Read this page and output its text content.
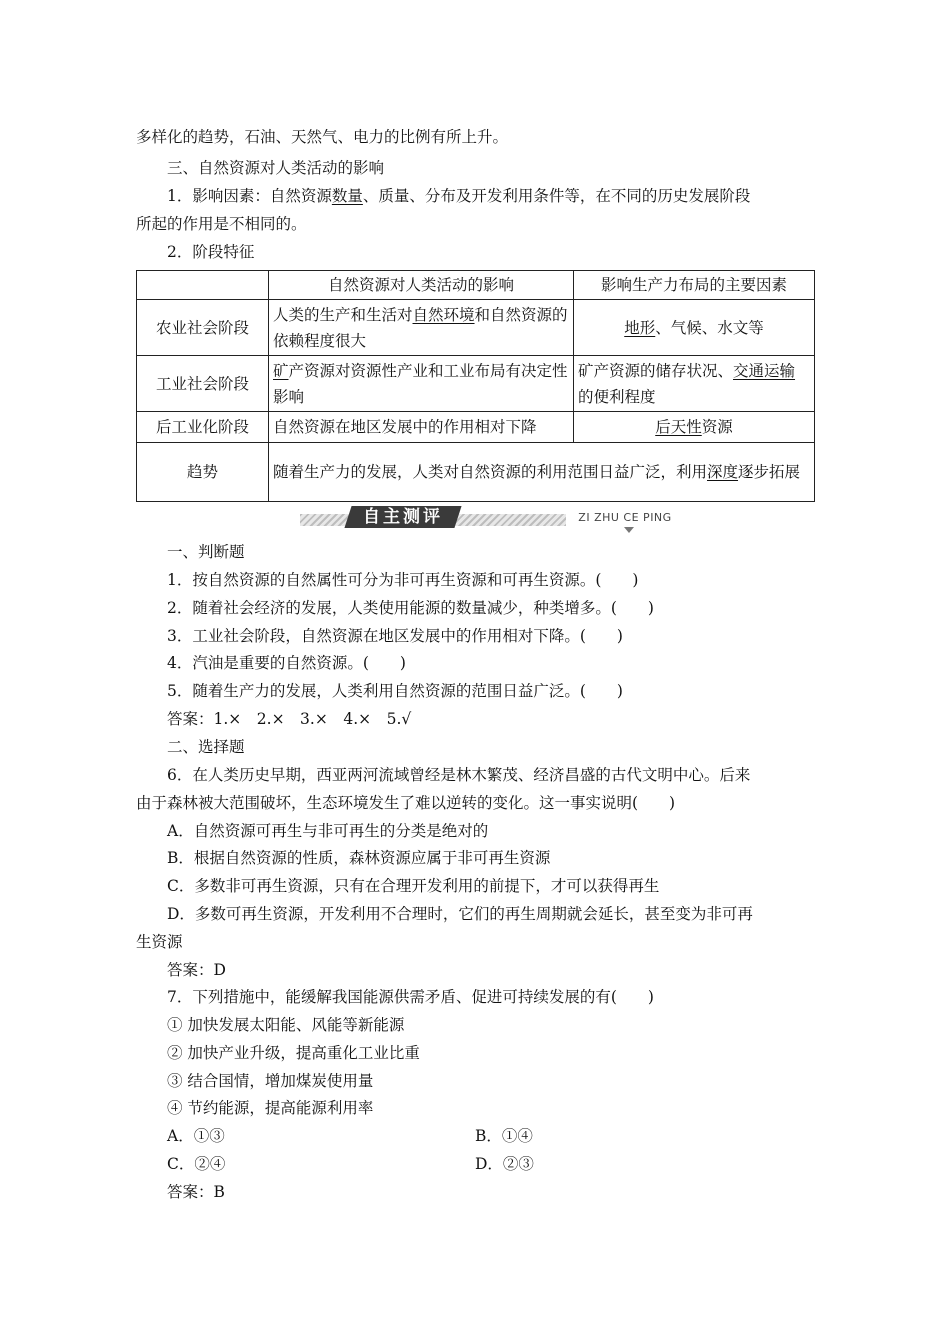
多样化的趋势，石油、天然气、电力的比例有所上升。
三、自然资源对人类活动的影响
1．影响因素：自然资源数量、质量、分布及开发利用条件等，在不同的历史发展阶段
所起的作用是不相同的。
2．阶段特征
	自然资源对人类活动的影响	影响生产力布局的主要因素
农业社会阶段	人类的生产和生活对自然环境和自然资源的依赖程度很大	地形、气候、水文等
工业社会阶段	矿产资源对资源性产业和工业布局有决定性影响	矿产资源的储存状况、交通运输的便利程度
后工业化阶段	自然资源在地区发展中的作用相对下降	后天性资源
趋势	随着生产力的发展，人类对自然资源的利用范围日益广泛，利用深度逐步拓展	
自主测评	ZI ZHU CE PING
一、判断题
1．按自然资源的自然属性可分为非可再生资源和可再生资源。(　　)
2．随着社会经济的发展，人类使用能源的数量减少，种类增多。(　　)
3．工业社会阶段，自然资源在地区发展中的作用相对下降。(　　)
4．汽油是重要的自然资源。(　　)
5．随着生产力的发展，人类利用自然资源的范围日益广泛。(　　)
答案：1.×　2.×　3.×　4.×　5.√
二、选择题
6．在人类历史早期，西亚两河流域曾经是林木繁茂、经济昌盛的古代文明中心。后来
由于森林被大范围破坏，生态环境发生了难以逆转的变化。这一事实说明(　　)
A．自然资源可再生与非可再生的分类是绝对的
B．根据自然资源的性质，森林资源应属于非可再生资源
C．多数非可再生资源，只有在合理开发利用的前提下，才可以获得再生
D．多数可再生资源，开发利用不合理时，它们的再生周期就会延长，甚至变为非可再
生资源
答案：D
7．下列措施中，能缓解我国能源供需矛盾、促进可持续发展的有(　　)
① 加快发展太阳能、风能等新能源
② 加快产业升级，提高重化工业比重
③ 结合国情，增加煤炭使用量
④ 节约能源，提高能源利用率
A．①③	B．①④
C．②④	D．②③
答案：B
